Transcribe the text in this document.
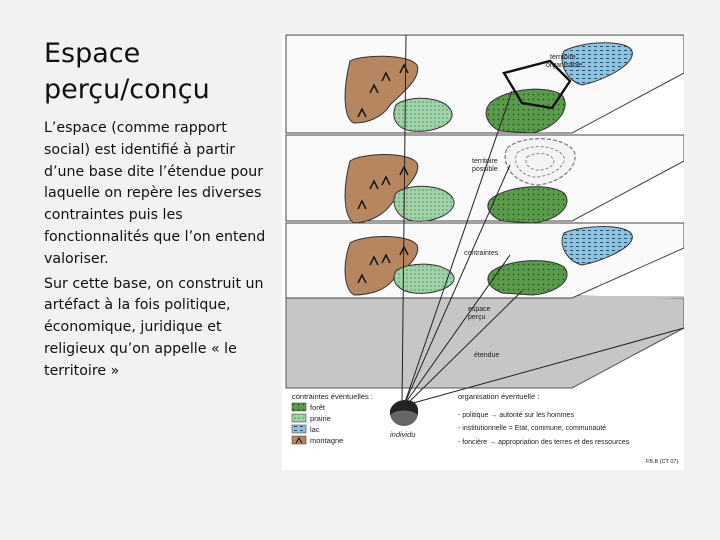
Espace
perçu/conçu

L’espace (comme rapport social) est identifié à partir d’une base dite l’étendue pour laquelle on repère les diverses contraintes puis les fonctionnalités que l’on entend valoriser.

Sur cette base, on construit un artéfact à la fois politique, économique, juridique et religieux qu’on appelle « le territoire »

territoire
organisable
territoire
possible
contraintes
espace
perçu
étendue
individu
contraintes éventuelles :
forêt
prairie
lac
montagne
organisation éventuelle :
- politique → autorité sur les hommes
- institutionnelle = Etat, commune, communauté
- foncière → appropriation des terres et des ressources
FB.B (CT 07)
